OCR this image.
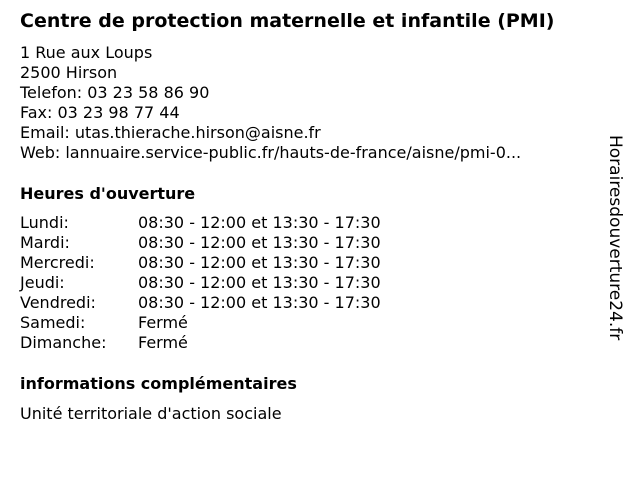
Centre de protection maternelle et infantile (PMI)
1 Rue aux Loups
2500 Hirson
Telefon: 03 23 58 86 90
Fax: 03 23 98 77 44
Email: utas.thierache.hirson@aisne.fr
Web: lannuaire.service-public.fr/hauts-de-france/aisne/pmi-0...
Heures d'ouverture
Lundi:	08:30 - 12:00 et 13:30 - 17:30
Mardi:	08:30 - 12:00 et 13:30 - 17:30
Mercredi:	08:30 - 12:00 et 13:30 - 17:30
Jeudi:	08:30 - 12:00 et 13:30 - 17:30
Vendredi:	08:30 - 12:00 et 13:30 - 17:30
Samedi:	Fermé
Dimanche: Fermé
informations complémentaires
Unité territoriale d'action sociale
Horairesdouverture24.fr
